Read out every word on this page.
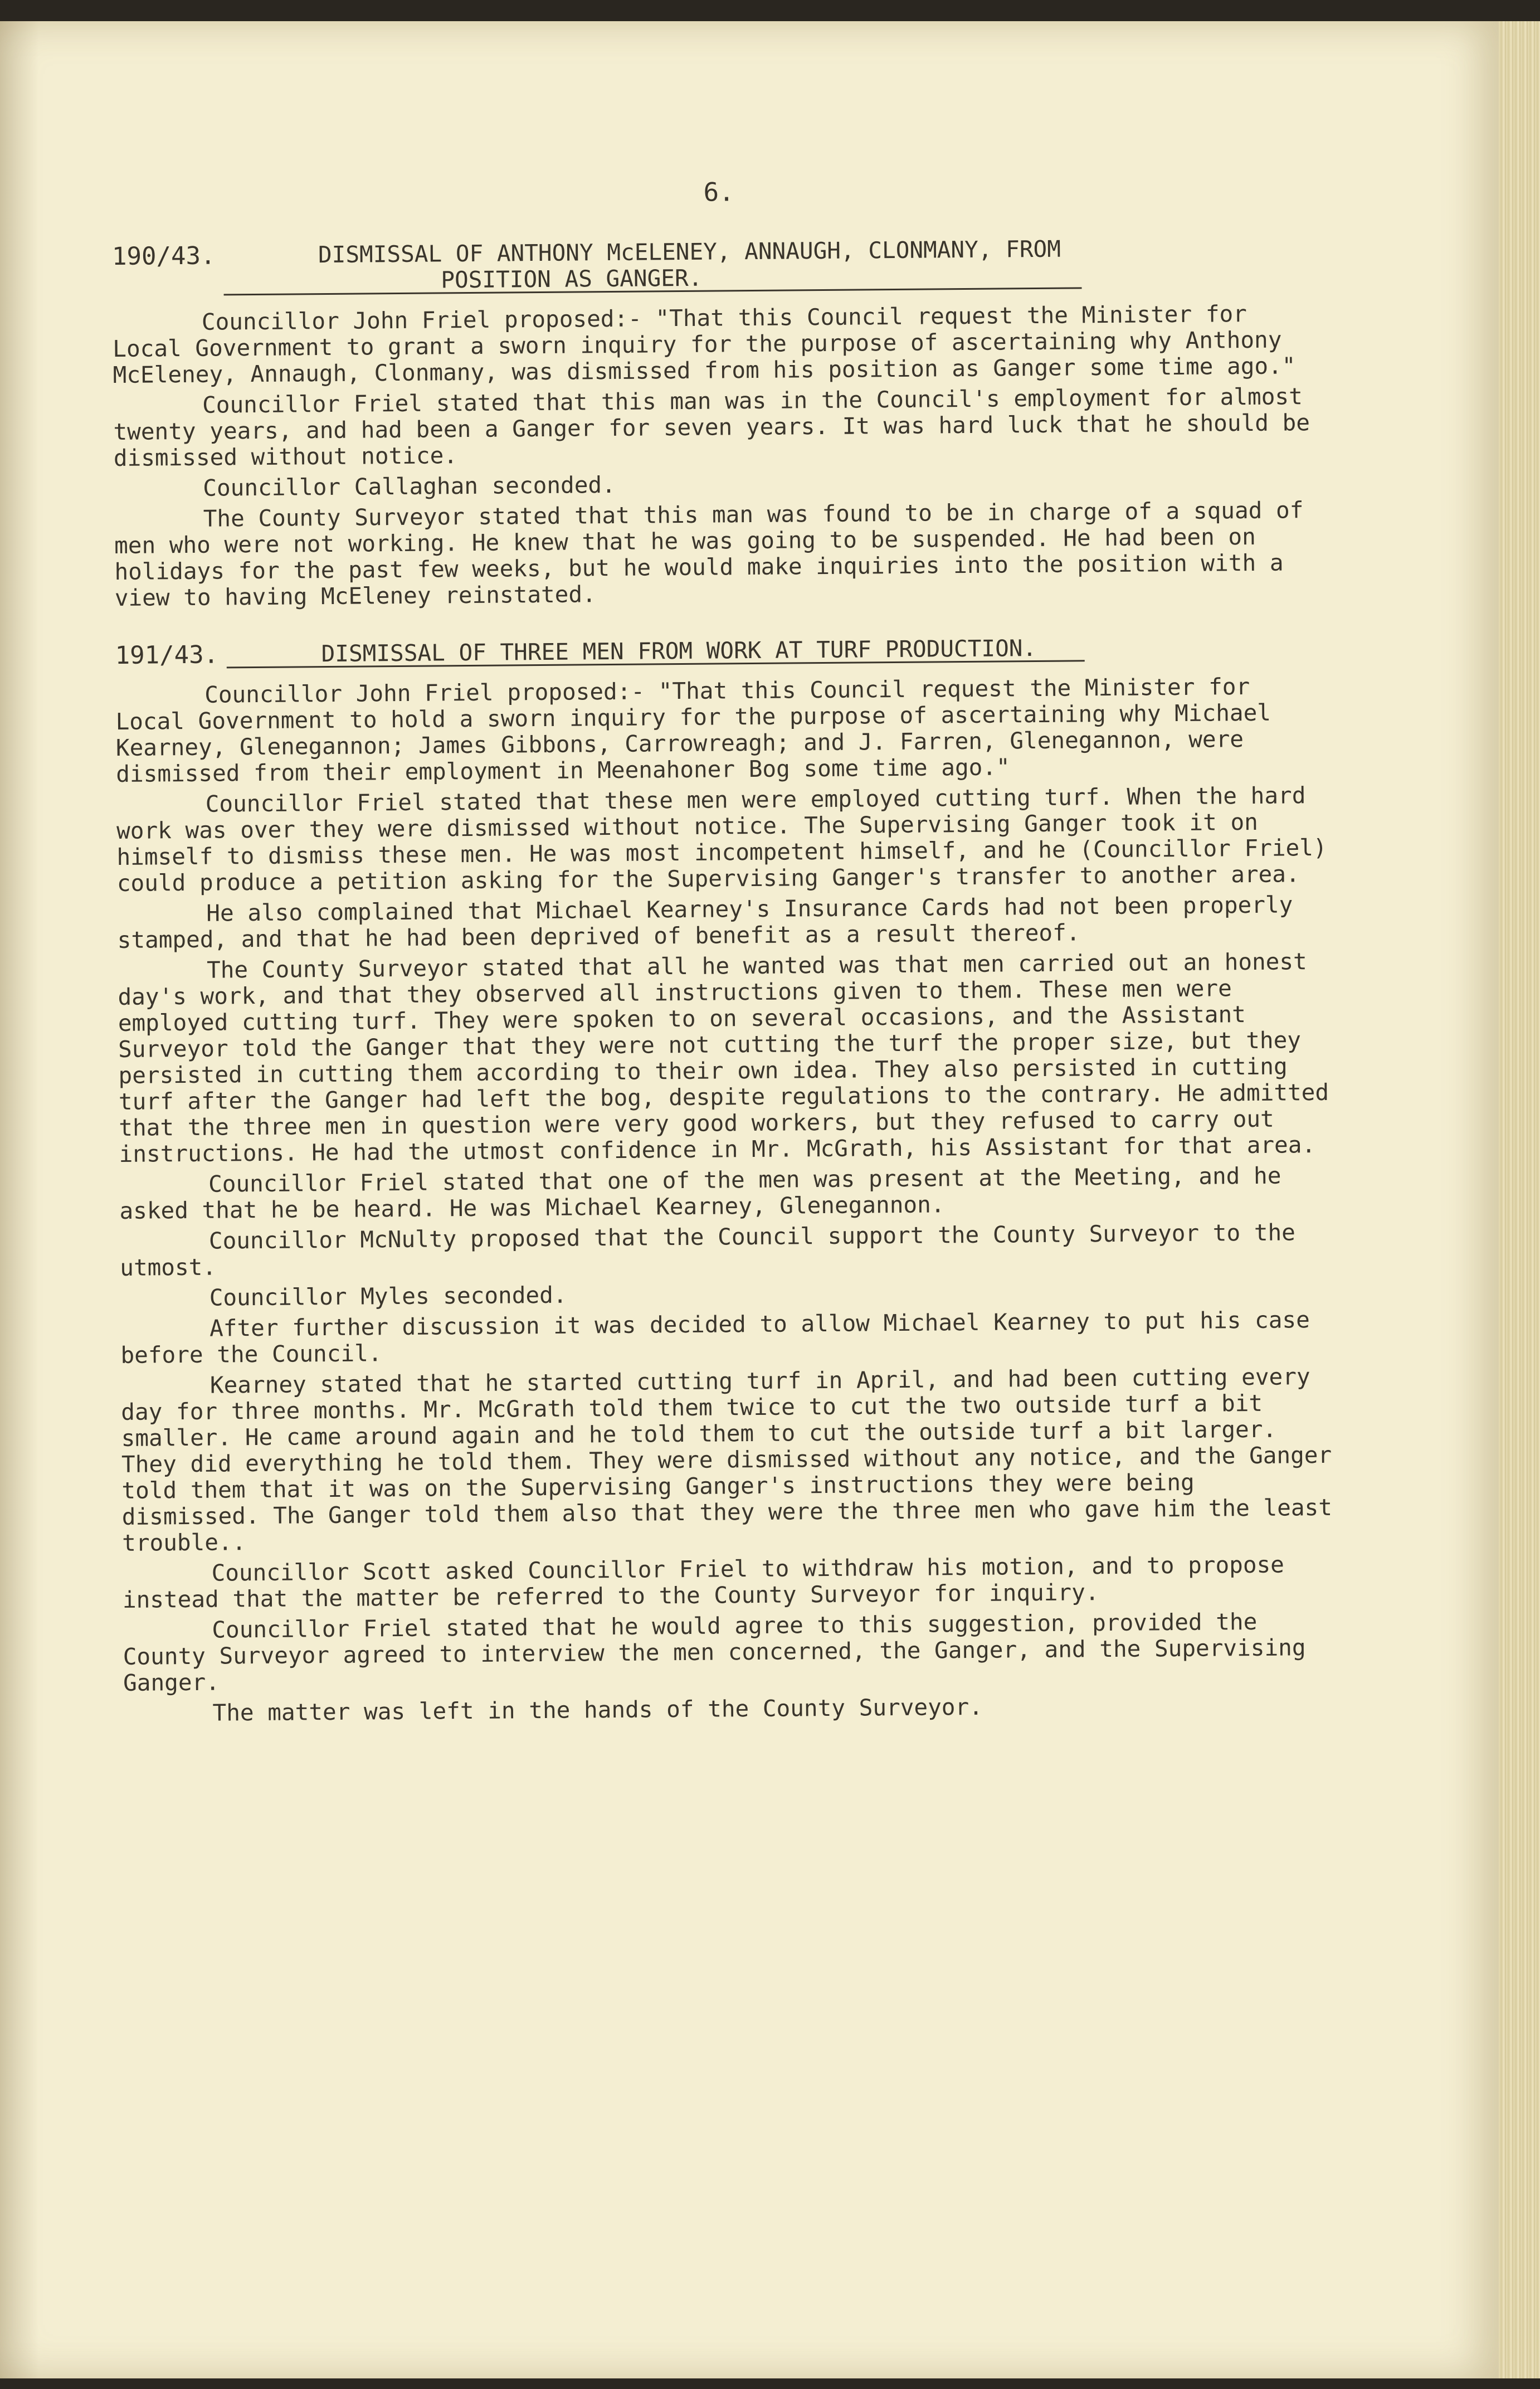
6.
190/43.	DISMISSAL OF ANTHONY McELENEY, ANNAUGH, CLONMANY, FROM
POSITION AS GANGER.

Councillor John Friel proposed:- "That this Council request the Minister for Local Government to grant a sworn inquiry for the purpose of ascertaining why Anthony McEleney, Annaugh, Clonmany, was dismissed from his position as Ganger some time ago."

Councillor Friel stated that this man was in the Council's employment for almost twenty years, and had been a Ganger for seven years. It was hard luck that he should be dismissed without notice.

Councillor Callaghan seconded.

The County Surveyor stated that this man was found to be in charge of a squad of men who were not working. He knew that he was going to be suspended. He had been on holidays for the past few weeks, but he would make inquiries into the position with a view to having McEleney reinstated.

191/43.	DISMISSAL OF THREE MEN FROM WORK AT TURF PRODUCTION.

Councillor John Friel proposed:- "That this Council request the Minister for Local Government to hold a sworn inquiry for the purpose of ascertaining why Michael Kearney, Glenegannon; James Gibbons, Carrowreagh; and J. Farren, Glenegannon, were dismissed from their employment in Meenahoner Bog some time ago."

Councillor Friel stated that these men were employed cutting turf. When the hard work was over they were dismissed without notice. The Supervising Ganger took it on himself to dismiss these men. He was most incompetent himself, and he (Councillor Friel) could produce a petition asking for the Supervising Ganger's transfer to another area.

He also complained that Michael Kearney's Insurance Cards had not been properly stamped, and that he had been deprived of benefit as a result thereof.

The County Surveyor stated that all he wanted was that men carried out an honest day's work, and that they observed all instructions given to them. These men were employed cutting turf. They were spoken to on several occasions, and the Assistant Surveyor told the Ganger that they were not cutting the turf the proper size, but they persisted in cutting them according to their own idea. They also persisted in cutting turf after the Ganger had left the bog, despite regulations to the contrary. He admitted that the three men in question were very good workers, but they refused to carry out instructions. He had the utmost confidence in Mr. McGrath, his Assistant for that area.

Councillor Friel stated that one of the men was present at the Meeting, and he asked that he be heard. He was Michael Kearney, Glenegannon.

Councillor McNulty proposed that the Council support the County Surveyor to the utmost.

Councillor Myles seconded.

After further discussion it was decided to allow Michael Kearney to put his case before the Council.

Kearney stated that he started cutting turf in April, and had been cutting every day for three months. Mr. McGrath told them twice to cut the two outside turf a bit smaller. He came around again and he told them to cut the outside turf a bit larger. They did everything he told them. They were dismissed without any notice, and the Ganger told them that it was on the Supervising Ganger's instructions they were being dismissed. The Ganger told them also that they were the three men who gave him the least trouble..

Councillor Scott asked Councillor Friel to withdraw his motion, and to propose instead that the matter be referred to the County Surveyor for inquiry.

Councillor Friel stated that he would agree to this suggestion, provided the County Surveyor agreed to interview the men concerned, the Ganger, and the Supervising Ganger.

The matter was left in the hands of the County Surveyor.
